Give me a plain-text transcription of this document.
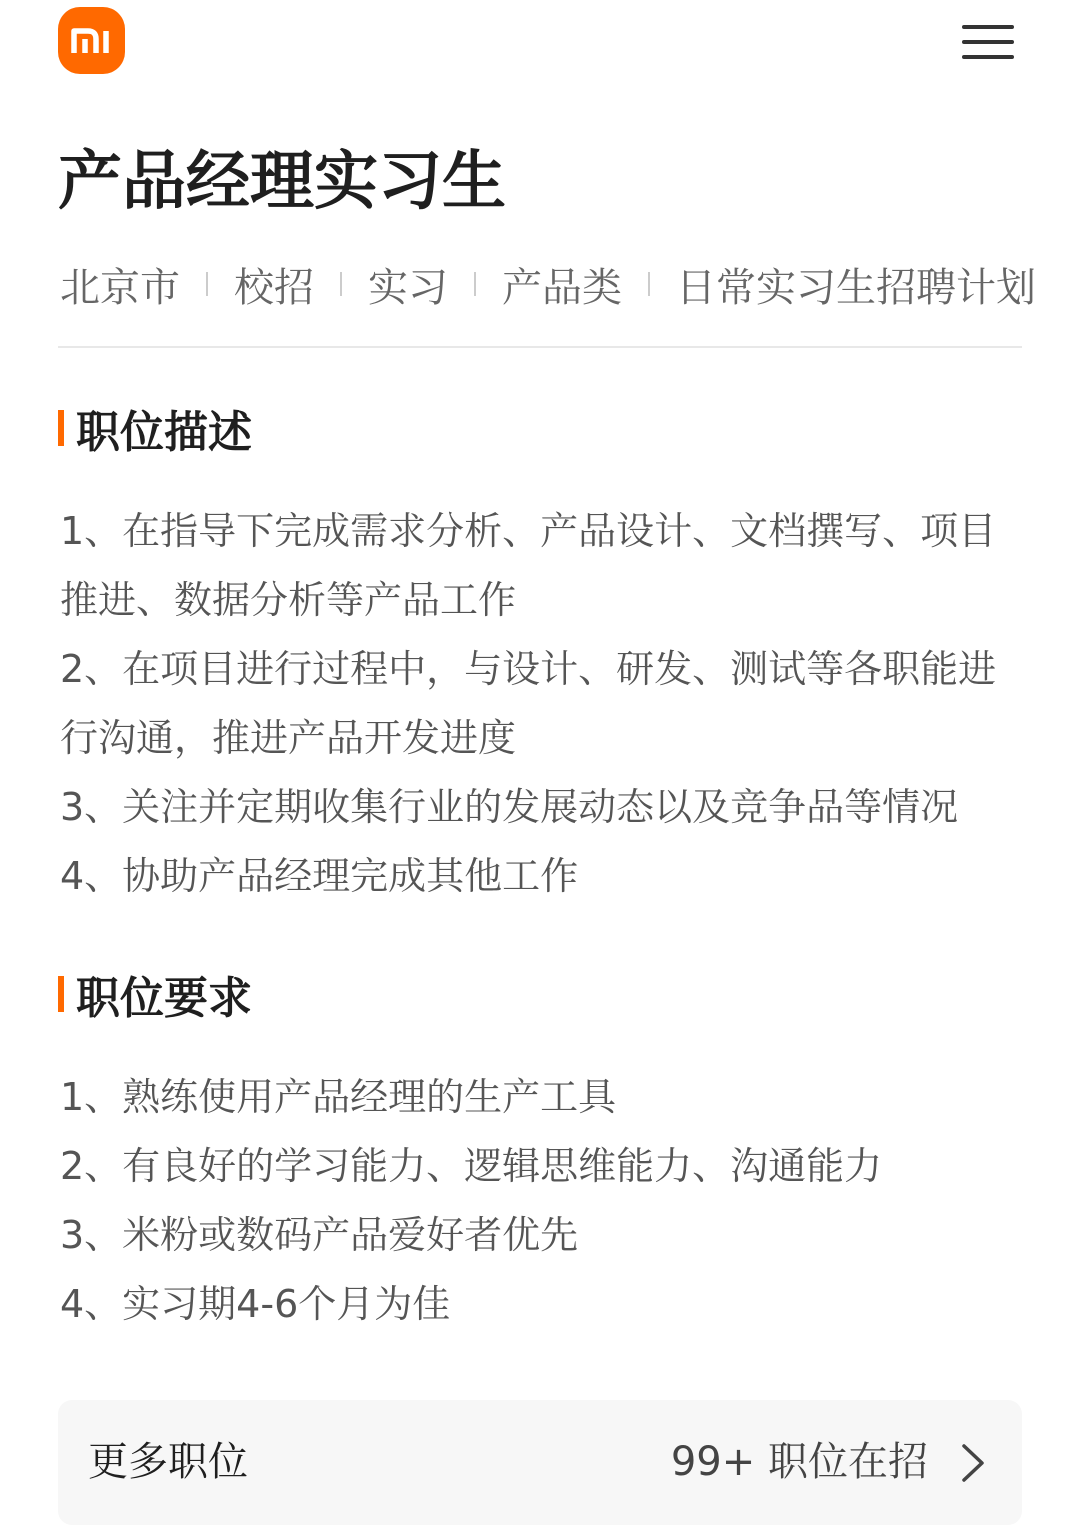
产品经理实习生
北京市 校招 实习 产品类 日常实习生招聘计划
职位描述
1、在指导下完成需求分析、产品设计、文档撰写、项目推进、数据分析等产品工作
2、在项目进行过程中，与设计、研发、测试等各职能进行沟通，推进产品开发进度
3、关注并定期收集行业的发展动态以及竞争品等情况
4、协助产品经理完成其他工作
职位要求
1、熟练使用产品经理的生产工具
2、有良好的学习能力、逻辑思维能力、沟通能力
3、米粉或数码产品爱好者优先
4、实习期4-6个月为佳
更多职位	99+ 职位在招
